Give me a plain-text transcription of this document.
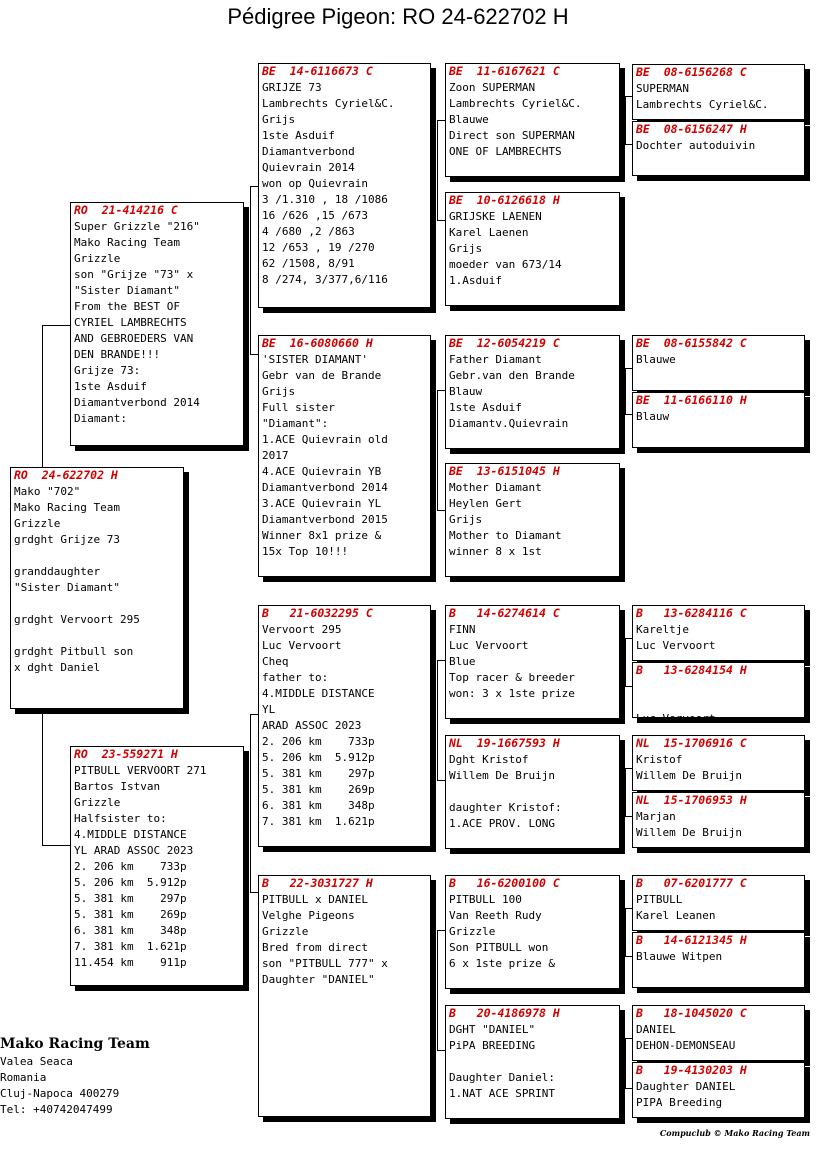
Pédigree Pigeon: RO 24-622702 H
RO  24-622702 H
Mako "702"
Mako Racing Team
Grizzle
grdght Grijze 73
granddaughter
"Sister Diamant"
grdght Vervoort 295
grdght Pitbull son
x dght Daniel
RO  21-414216 C
Super Grizzle "216"
Mako Racing Team
Grizzle
son "Grijze "73" x
"Sister Diamant"
From the BEST OF
CYRIEL LAMBRECHTS
AND GEBROEDERS VAN
DEN BRANDE!!!
Grijze 73:
1ste Asduif
Diamantverbond 2014
Diamant:
RO  23-559271 H
PITBULL VERVOORT 271
Bartos Istvan
Grizzle
Halfsister to:
4.MIDDLE DISTANCE
YL ARAD ASSOC 2023
2. 206 km    733p
5. 206 km  5.912p
5. 381 km    297p
5. 381 km    269p
6. 381 km    348p
7. 381 km  1.621p
11.454 km    911p
BE  14-6116673 C
GRIJZE 73
Lambrechts Cyriel&C.
Grijs
1ste Asduif
Diamantverbond
Quievrain 2014
won op Quievrain
3 /1.310 , 18 /1086
16 /626 ,15 /673
4 /680 ,2 /863
12 /653 , 19 /270
62 /1508, 8/91
8 /274, 3/377,6/116
BE  16-6080660 H
'SISTER DIAMANT'
Gebr van de Brande
Grijs
Full sister
"Diamant":
1.ACE Quievrain old
2017
4.ACE Quievrain YB
Diamantverbond 2014
3.ACE Quievrain YL
Diamantverbond 2015
Winner 8x1 prize &
15x Top 10!!!
B   21-6032295 C
Vervoort 295
Luc Vervoort
Cheq
father to:
4.MIDDLE DISTANCE
YL
ARAD ASSOC 2023
2. 206 km    733p
5. 206 km  5.912p
5. 381 km    297p
5. 381 km    269p
6. 381 km    348p
7. 381 km  1.621p
B   22-3031727 H
PITBULL x DANIEL
Velghe Pigeons
Grizzle
Bred from direct
son "PITBULL 777" x
Daughter "DANIEL"
BE  11-6167621 C
Zoon SUPERMAN
Lambrechts Cyriel&C.
Blauwe
Direct son SUPERMAN
ONE OF LAMBRECHTS
BE  10-6126618 H
GRIJSKE LAENEN
Karel Laenen
Grijs
moeder van 673/14
1.Asduif
BE  12-6054219 C
Father Diamant
Gebr.van den Brande
Blauw
1ste Asduif
Diamantv.Quievrain
BE  13-6151045 H
Mother Diamant
Heylen Gert
Grijs
Mother to Diamant
winner 8 x 1st
B   14-6274614 C
FINN
Luc Vervoort
Blue
Top racer & breeder
won: 3 x 1ste prize
NL  19-1667593 H
Dght Kristof
Willem De Bruijn
daughter Kristof:
1.ACE PROV. LONG
B   16-6200100 C
PITBULL 100
Van Reeth Rudy
Grizzle
Son PITBULL won
6 x 1ste prize &
B   20-4186978 H
DGHT "DANIEL"
PiPA BREEDING
Daughter Daniel:
1.NAT ACE SPRINT
BE  08-6156268 C
SUPERMAN
Lambrechts Cyriel&C.
BE  08-6156247 H
Dochter autoduivin
BE  08-6155842 C
Blauwe
BE  11-6166110 H
Blauw
B   13-6284116 C
Kareltje
Luc Vervoort
B   13-6284154 H
Luc Vervoort
NL  15-1706916 C
Kristof
Willem De Bruijn
NL  15-1706953 H
Marjan
Willem De Bruijn
B   07-6201777 C
PITBULL
Karel Leanen
B   14-6121345 H
Blauwe Witpen
B   18-1045020 C
DANIEL
DEHON-DEMONSEAU
B   19-4130203 H
Daughter DANIEL
PIPA Breeding
Mako Racing Team
Valea Seaca
Romania
Cluj-Napoca 400279
Tel: +40742047499
Compuclub © Mako Racing Team
